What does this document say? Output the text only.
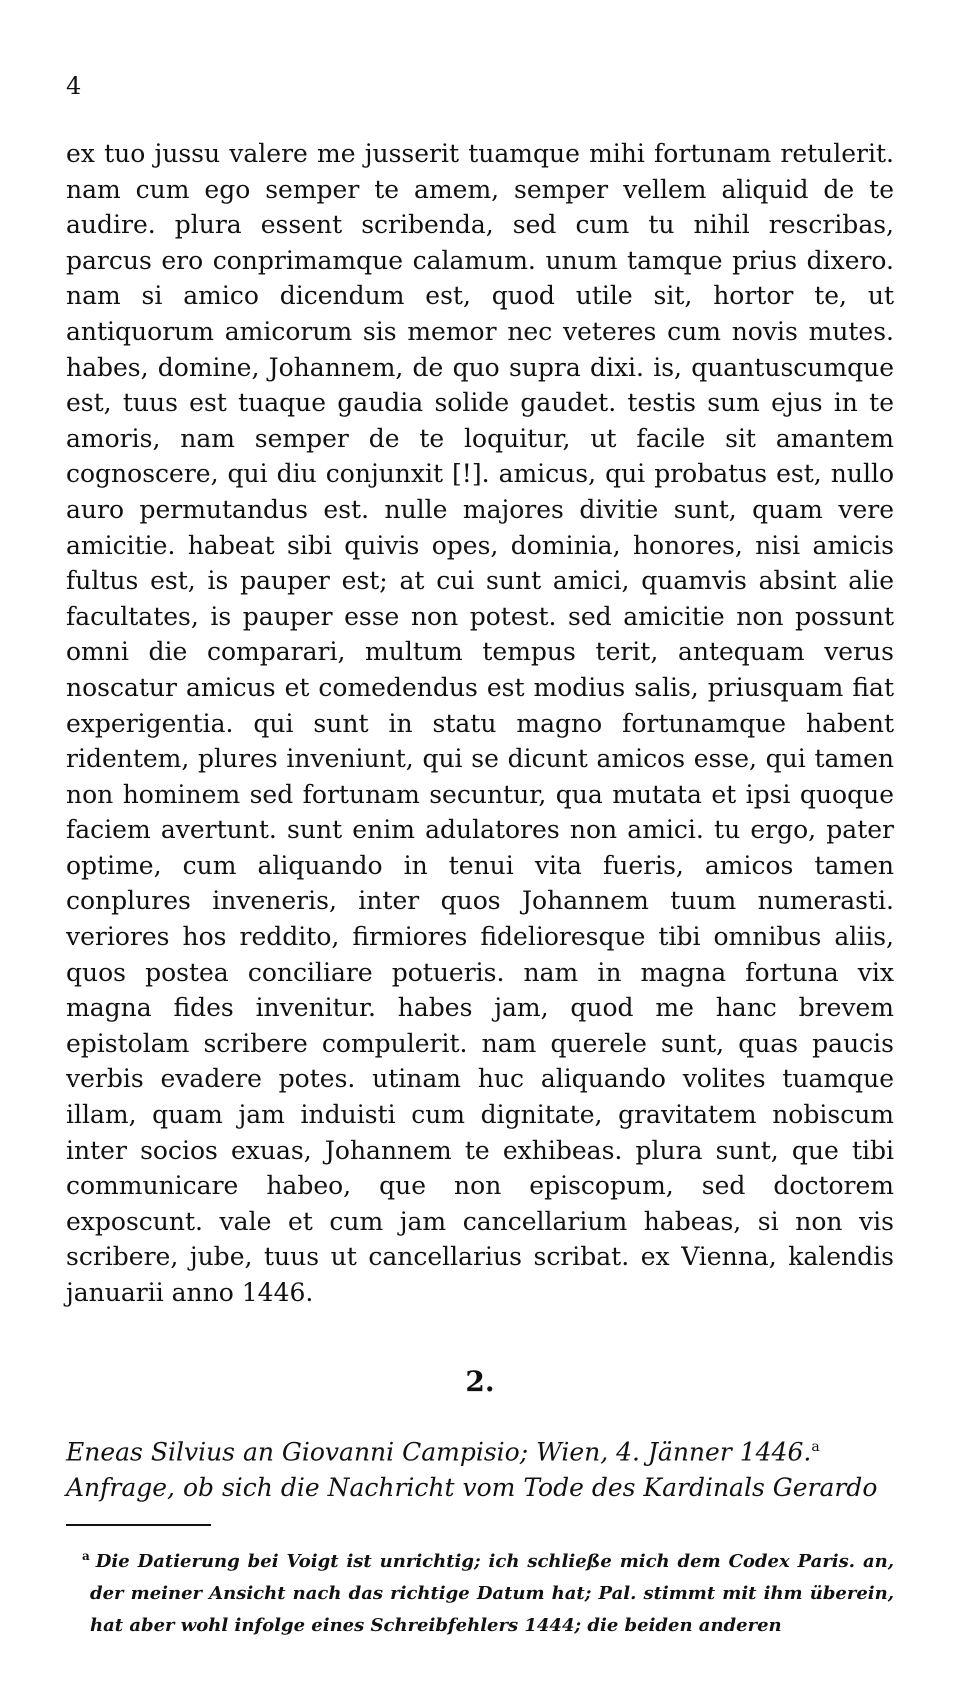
4

ex tuo jussu valere me jusserit tuamque mihi fortunam retulerit. nam cum ego semper te amem, semper vellem aliquid de te audire. plura essent scribenda, sed cum tu nihil rescribas, parcus ero conprimamque calamum. unum tamque prius dixero. nam si amico dicendum est, quod utile sit, hortor te, ut antiquorum amicorum sis memor nec veteres cum novis mutes. habes, domine, Johannem, de quo supra dixi. is, quantuscumque est, tuus est tuaque gaudia solide gaudet. testis sum ejus in te amoris, nam semper de te loquitur, ut facile sit amantem cognoscere, qui diu conjunxit [!]. amicus, qui probatus est, nullo auro permutandus est. nulle majores divitie sunt, quam vere amicitie. habeat sibi quivis opes, dominia, honores, nisi amicis fultus est, is pauper est; at cui sunt amici, quamvis absint alie facultates, is pauper esse non potest. sed amicitie non possunt omni die comparari, multum tempus terit, antequam verus noscatur amicus et comedendus est modius salis, priusquam fiat experigentia. qui sunt in statu magno fortunamque habent ridentem, plures inveniunt, qui se dicunt amicos esse, qui tamen non hominem sed fortunam secuntur, qua mutata et ipsi quoque faciem avertunt. sunt enim adulatores non amici. tu ergo, pater optime, cum aliquando in tenui vita fueris, amicos tamen conplures inveneris, inter quos Johannem tuum numerasti. veriores hos reddito, firmiores fidelioresque tibi omnibus aliis, quos postea conciliare potueris. nam in magna fortuna vix magna fides invenitur. habes jam, quod me hanc brevem epistolam scribere compulerit. nam querele sunt, quas paucis verbis evadere potes. utinam huc aliquando volites tuamque illam, quam jam induisti cum dignitate, gravitatem nobiscum inter socios exuas, Johannem te exhibeas. plura sunt, que tibi communicare habeo, que non episcopum, sed doctorem exposcunt. vale et cum jam cancellarium habeas, si non vis scribere, jube, tuus ut cancellarius scribat. ex Vienna, kalendis januarii anno 1446.

2.

Eneas Silvius an Giovanni Campisio; Wien, 4. Jänner 1446.$^a$
Anfrage, ob sich die Nachricht vom Tode des Kardinals Gerardo

$^a$ Die Datierung bei Voigt ist unrichtig; ich schließe mich dem Codex Paris. an, der meiner Ansicht nach das richtige Datum hat; Pal. stimmt mit ihm überein, hat aber wohl infolge eines Schreibfehlers 1444; die beiden anderen
